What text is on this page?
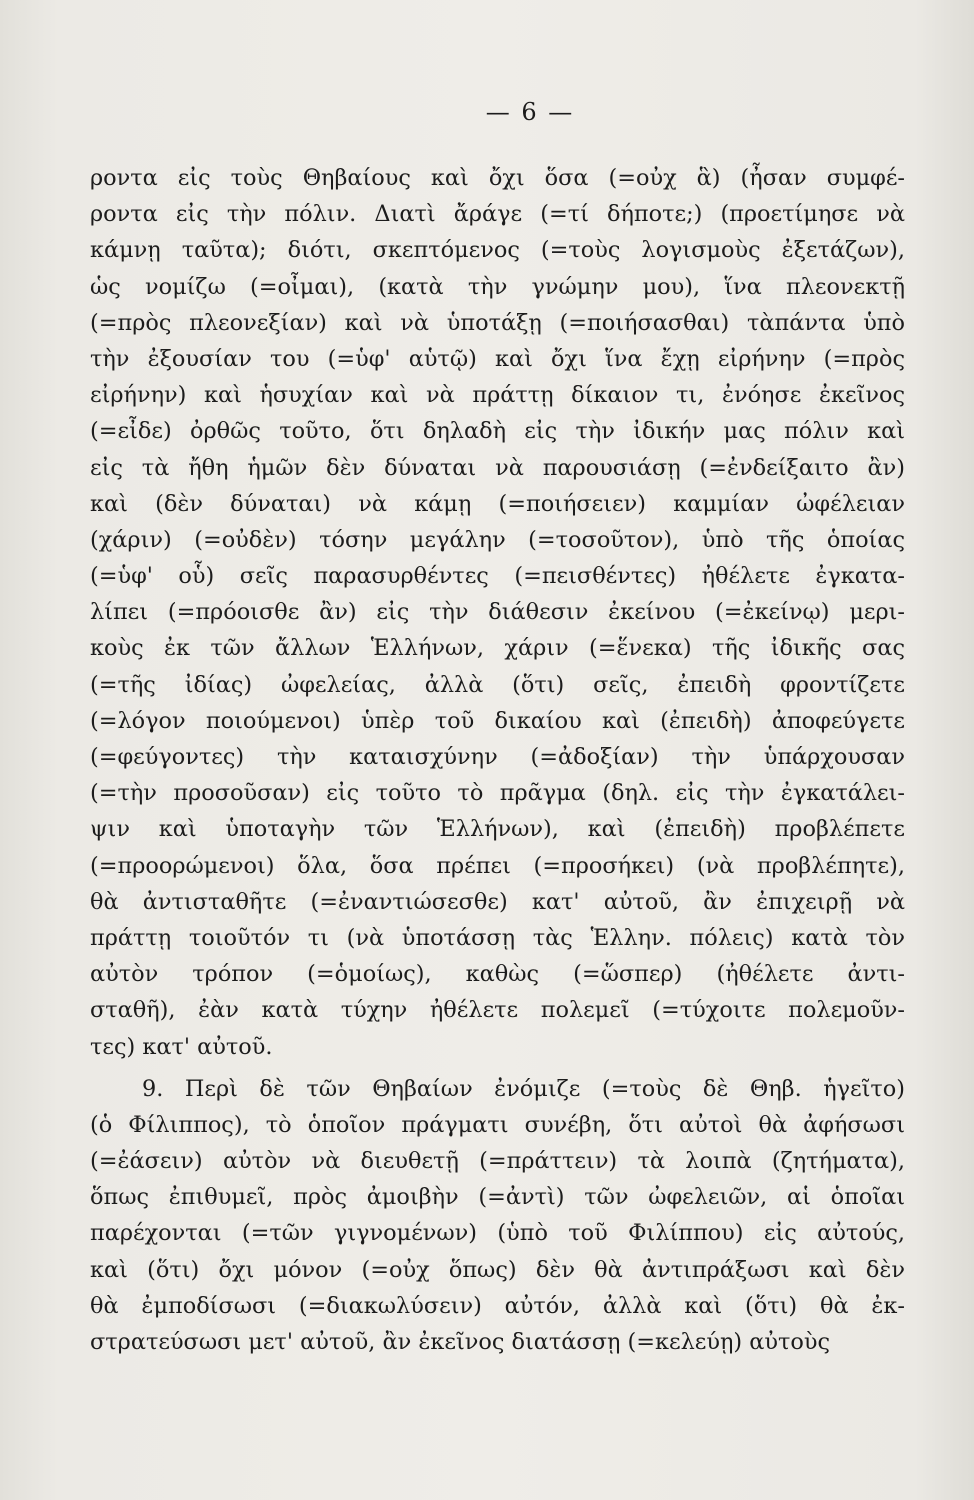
— 6 —
ροντα εἰς τοὺς Θηβαίους καὶ ὄχι ὅσα (=οὐχ ἃ) (ἦσαν συμφέ-
ροντα εἰς τὴν πόλιν. Διατὶ ἄράγε (=τί δήποτε;) (προετίμησε νὰ
κάμνῃ ταῦτα); διότι, σκεπτόμενος (=τοὺς λογισμοὺς ἐξετάζων),
ὡς νομίζω (=οἶμαι), (κατὰ τὴν γνώμην μου), ἵνα πλεονεκτῇ
(=πρὸς πλεονεξίαν) καὶ νὰ ὑποτάξῃ (=ποιήσασθαι) τὰπάντα ὑπὸ
τὴν ἐξουσίαν του (=ὑφ' αὑτῷ) καὶ ὄχι ἵνα ἔχῃ εἰρήνην (=πρὸς
εἰρήνην) καὶ ἡσυχίαν καὶ νὰ πράττῃ δίκαιον τι, ἐνόησε ἐκεῖνος
(=εἶδε) ὀρθῶς τοῦτο, ὅτι δηλαδὴ εἰς τὴν ἰδικήν μας πόλιν καὶ
εἰς τὰ ἤθη ἡμῶν δὲν δύναται νὰ παρουσιάσῃ (=ἐνδείξαιτο ἂν)
καὶ (δὲν δύναται) νὰ κάμῃ (=ποιήσειεν) καμμίαν ὠφέλειαν
(χάριν) (=οὐδὲν) τόσην μεγάλην (=τοσοῦτον), ὑπὸ τῆς ὁποίας
(=ὑφ' οὗ) σεῖς παρασυρθέντες (=πεισθέντες) ἠθέλετε ἐγκατα-
λίπει (=πρόοισθε ἂν) εἰς τὴν διάθεσιν ἐκείνου (=ἐκείνῳ) μερι-
κοὺς ἐκ τῶν ἄλλων Ἑλλήνων, χάριν (=ἕνεκα) τῆς ἰδικῆς σας
(=τῆς ἰδίας) ὠφελείας, ἀλλὰ (ὅτι) σεῖς, ἐπειδὴ φροντίζετε
(=λόγον ποιούμενοι) ὑπὲρ τοῦ δικαίου καὶ (ἐπειδὴ) ἀποφεύγετε
(=φεύγοντες) τὴν καταισχύνην (=ἀδοξίαν) τὴν ὑπάρχουσαν
(=τὴν προσοῦσαν) εἰς τοῦτο τὸ πρᾶγμα (δηλ. εἰς τὴν ἐγκατάλει-
ψιν καὶ ὑποταγὴν τῶν Ἑλλήνων), καὶ (ἐπειδὴ) προβλέπετε
(=προορώμενοι) ὅλα, ὅσα πρέπει (=προσήκει) (νὰ προβλέπητε),
θὰ ἀντισταθῆτε (=ἐναντιώσεσθε) κατ' αὐτοῦ, ἂν ἐπιχειρῇ νὰ
πράττῃ τοιοῦτόν τι (νὰ ὑποτάσσῃ τὰς Ἑλλην. πόλεις) κατὰ τὸν
αὐτὸν τρόπον (=ὁμοίως), καθὼς (=ὥσπερ) (ἠθέλετε ἀντι-
σταθῆ), ἐὰν κατὰ τύχην ἠθέλετε πολεμεῖ (=τύχοιτε πολεμοῦν-
τες) κατ' αὐτοῦ.
9. Περὶ δὲ τῶν Θηβαίων ἐνόμιζε (=τοὺς δὲ Θηβ. ἡγεῖτο)
(ὁ Φίλιππος), τὸ ὁποῖον πράγματι συνέβη, ὅτι αὐτοὶ θὰ ἀφήσωσι
(=ἐάσειν) αὐτὸν νὰ διευθετῇ (=πράττειν) τὰ λοιπὰ (ζητήματα),
ὅπως ἐπιθυμεῖ, πρὸς ἀμοιβὴν (=ἀντὶ) τῶν ὠφελειῶν, αἱ ὁποῖαι
παρέχονται (=τῶν γιγνομένων) (ὑπὸ τοῦ Φιλίππου) εἰς αὐτούς,
καὶ (ὅτι) ὄχι μόνον (=οὐχ ὅπως) δὲν θὰ ἀντιπράξωσι καὶ δὲν
θὰ ἐμποδίσωσι (=διακωλύσειν) αὐτόν, ἀλλὰ καὶ (ὅτι) θὰ ἐκ-
στρατεύσωσι μετ' αὐτοῦ, ἂν ἐκεῖνος διατάσσῃ (=κελεύῃ) αὐτοὺς
